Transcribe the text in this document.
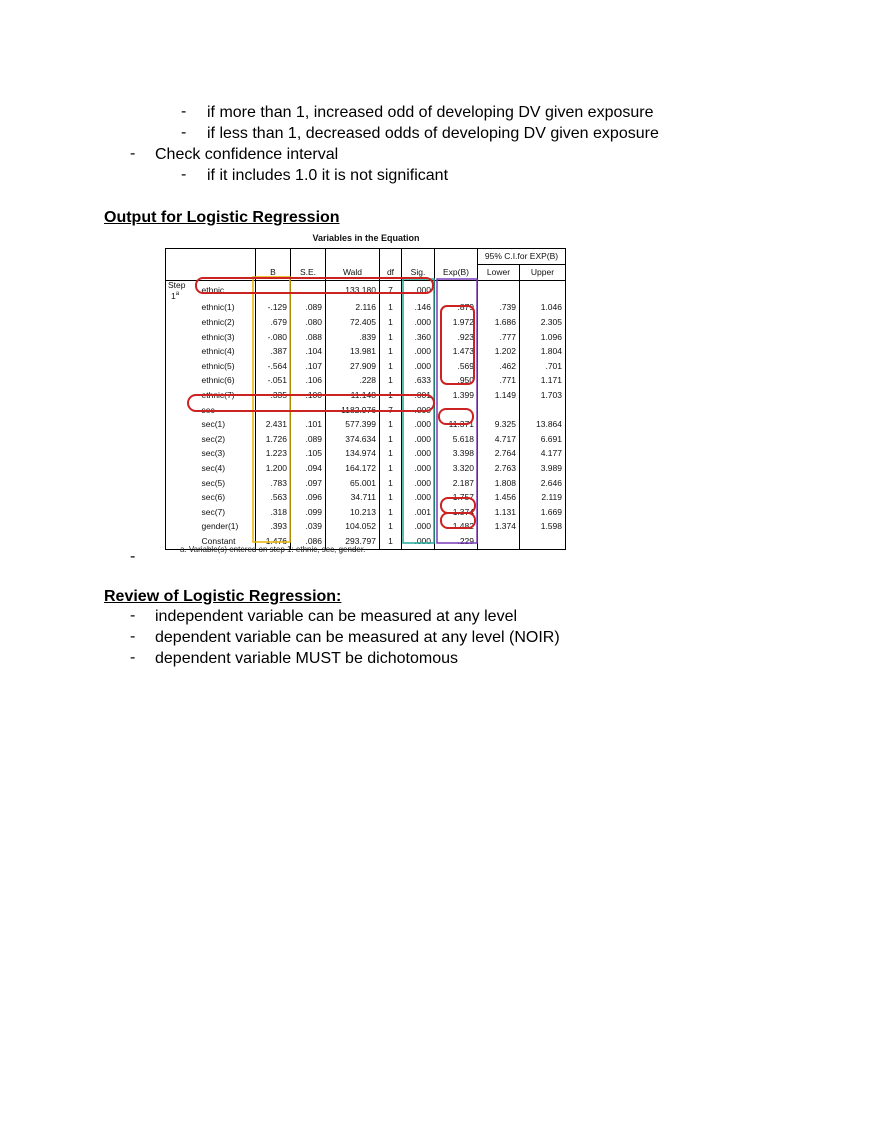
- if more than 1, increased odd of developing DV given exposure
- if less than 1, decreased odds of developing DV given exposure
- Check confidence interval
- if it includes 1.0 it is not significant
Output for Logistic Regression
Variables in the Equation
								95% C.I.for EXP(B)	
		B	S.E.	Wald	df	Sig.	Exp(B)	Lower	Upper

Step
1$^a$	ethnic			133.180	7	.000			
	ethnic(1)	-.129	.089	2.116	1	.146	.879	.739	1.046
	ethnic(2)	.679	.080	72.405	1	.000	1.972	1.686	2.305
	ethnic(3)	-.080	.088	.839	1	.360	.923	.777	1.096
	ethnic(4)	.387	.104	13.981	1	.000	1.473	1.202	1.804
	ethnic(5)	-.564	.107	27.909	1	.000	.569	.462	.701
	ethnic(6)	-.051	.106	.228	1	.633	.950	.771	1.171
	ethnic(7)	.335	.100	11.148	1	.001	1.399	1.149	1.703
	sec			1182.976	7	.000			
	sec(1)	2.431	.101	577.399	1	.000	11.371	9.325	13.864
	sec(2)	1.726	.089	374.634	1	.000	5.618	4.717	6.691
	sec(3)	1.223	.105	134.974	1	.000	3.398	2.764	4.177
	sec(4)	1.200	.094	164.172	1	.000	3.320	2.763	3.989
	sec(5)	.783	.097	65.001	1	.000	2.187	1.808	2.646
	sec(6)	.563	.096	34.711	1	.000	1.757	1.456	2.119
	sec(7)	.318	.099	10.213	1	.001	1.374	1.131	1.669
	gender(1)	.393	.039	104.052	1	.000	1.482	1.374	1.598
	Constant	-1.476	.086	293.797	1	.000	.229		
a. Variable(s) entered on step 1: ethnic, sec, gender.
-
Review of Logistic Regression:
- independent variable can be measured at any level
- dependent variable can be measured at any level (NOIR)
- dependent variable MUST be dichotomous
